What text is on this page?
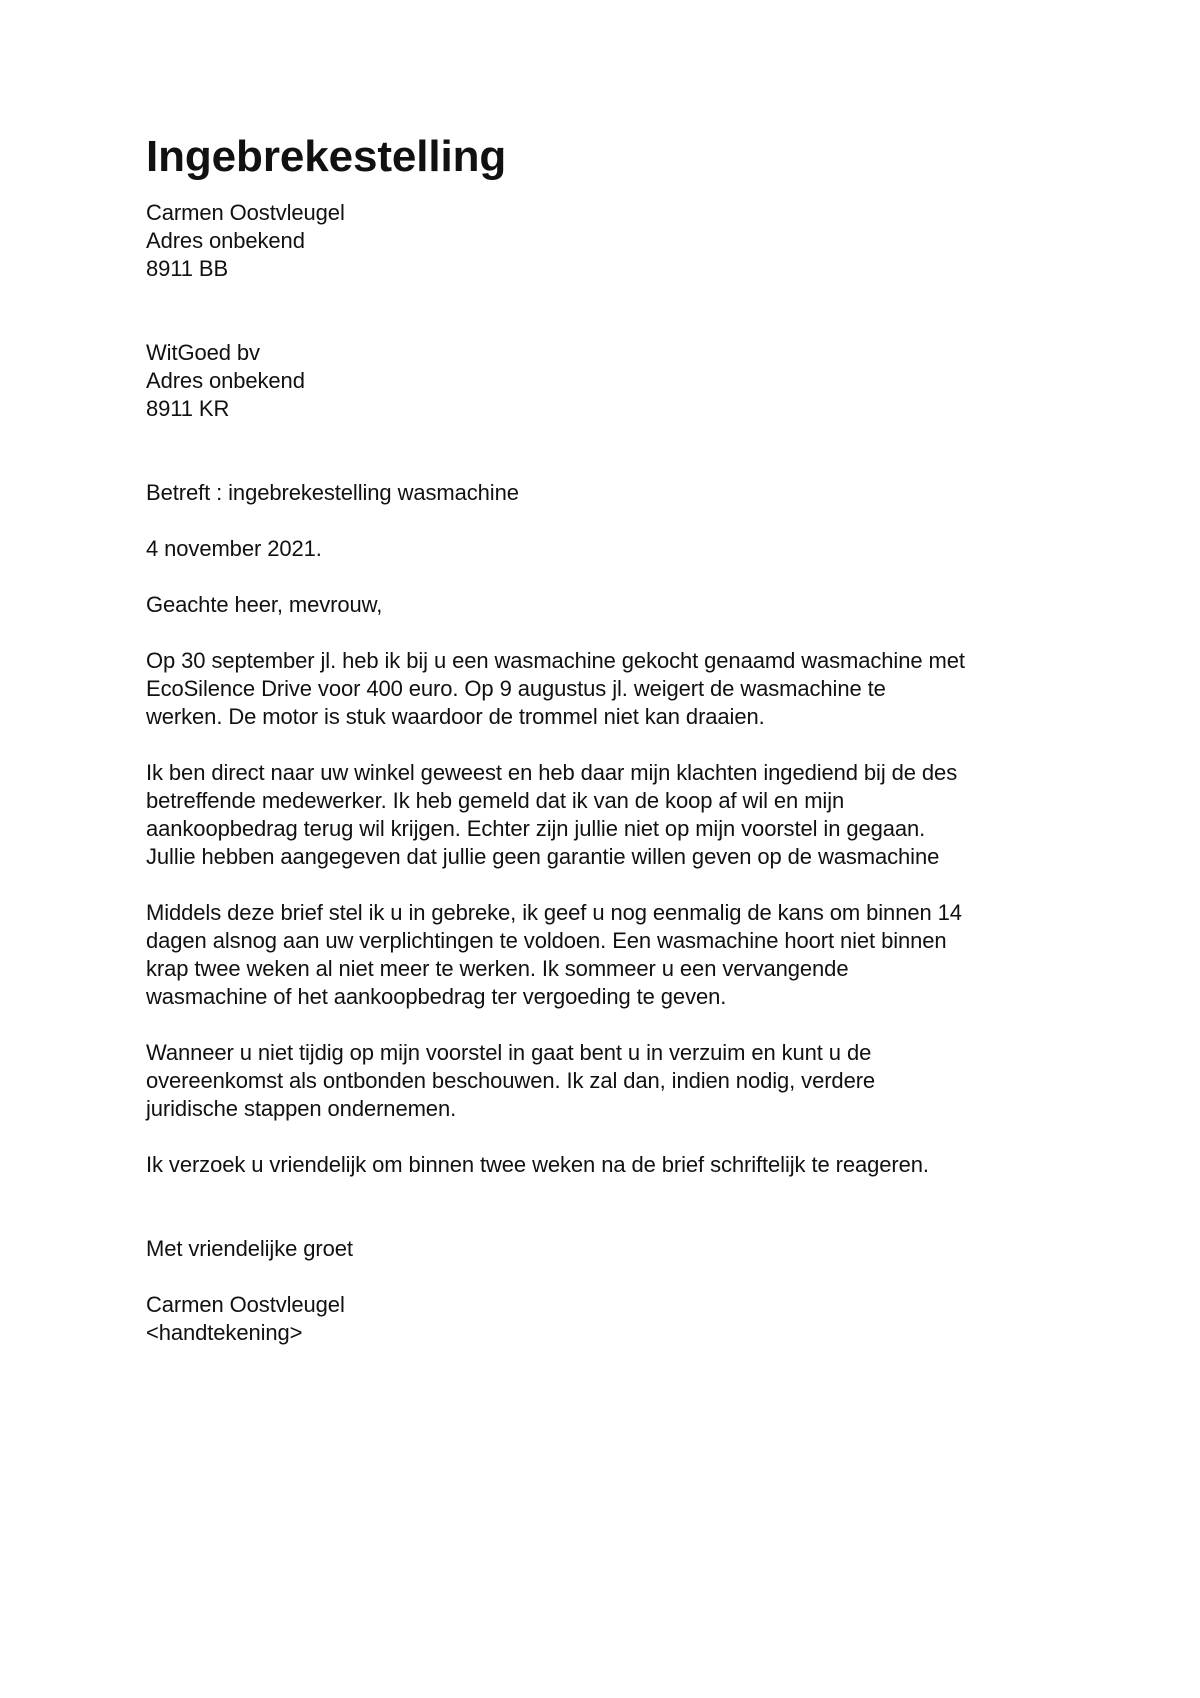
Ingebrekestelling
Carmen Oostvleugel
Adres onbekend
8911 BB
WitGoed bv
Adres onbekend
8911 KR

Betreft : ingebrekestelling wasmachine

4 november 2021.

Geachte heer, mevrouw,

Op 30 september jl. heb ik bij u een wasmachine gekocht genaamd wasmachine met
EcoSilence Drive voor 400 euro. Op 9 augustus jl. weigert de wasmachine te
werken. De motor is stuk waardoor de trommel niet kan draaien.
Ik ben direct naar uw winkel geweest en heb daar mijn klachten ingediend bij de des
betreffende medewerker. Ik heb gemeld dat ik van de koop af wil en mijn
aankoopbedrag terug wil krijgen. Echter zijn jullie niet op mijn voorstel in gegaan.
Jullie hebben aangegeven dat jullie geen garantie willen geven op de wasmachine
Middels deze brief stel ik u in gebreke, ik geef u nog eenmalig de kans om binnen 14
dagen alsnog aan uw verplichtingen te voldoen. Een wasmachine hoort niet binnen
krap twee weken al niet meer te werken. Ik sommeer u een vervangende
wasmachine of het aankoopbedrag ter vergoeding te geven.
Wanneer u niet tijdig op mijn voorstel in gaat bent u in verzuim en kunt u de
overeenkomst als ontbonden beschouwen. Ik zal dan, indien nodig, verdere
juridische stappen ondernemen.
Ik verzoek u vriendelijk om binnen twee weken na de brief schriftelijk te reageren.

Met vriendelijke groet

Carmen Oostvleugel
<handtekening>
